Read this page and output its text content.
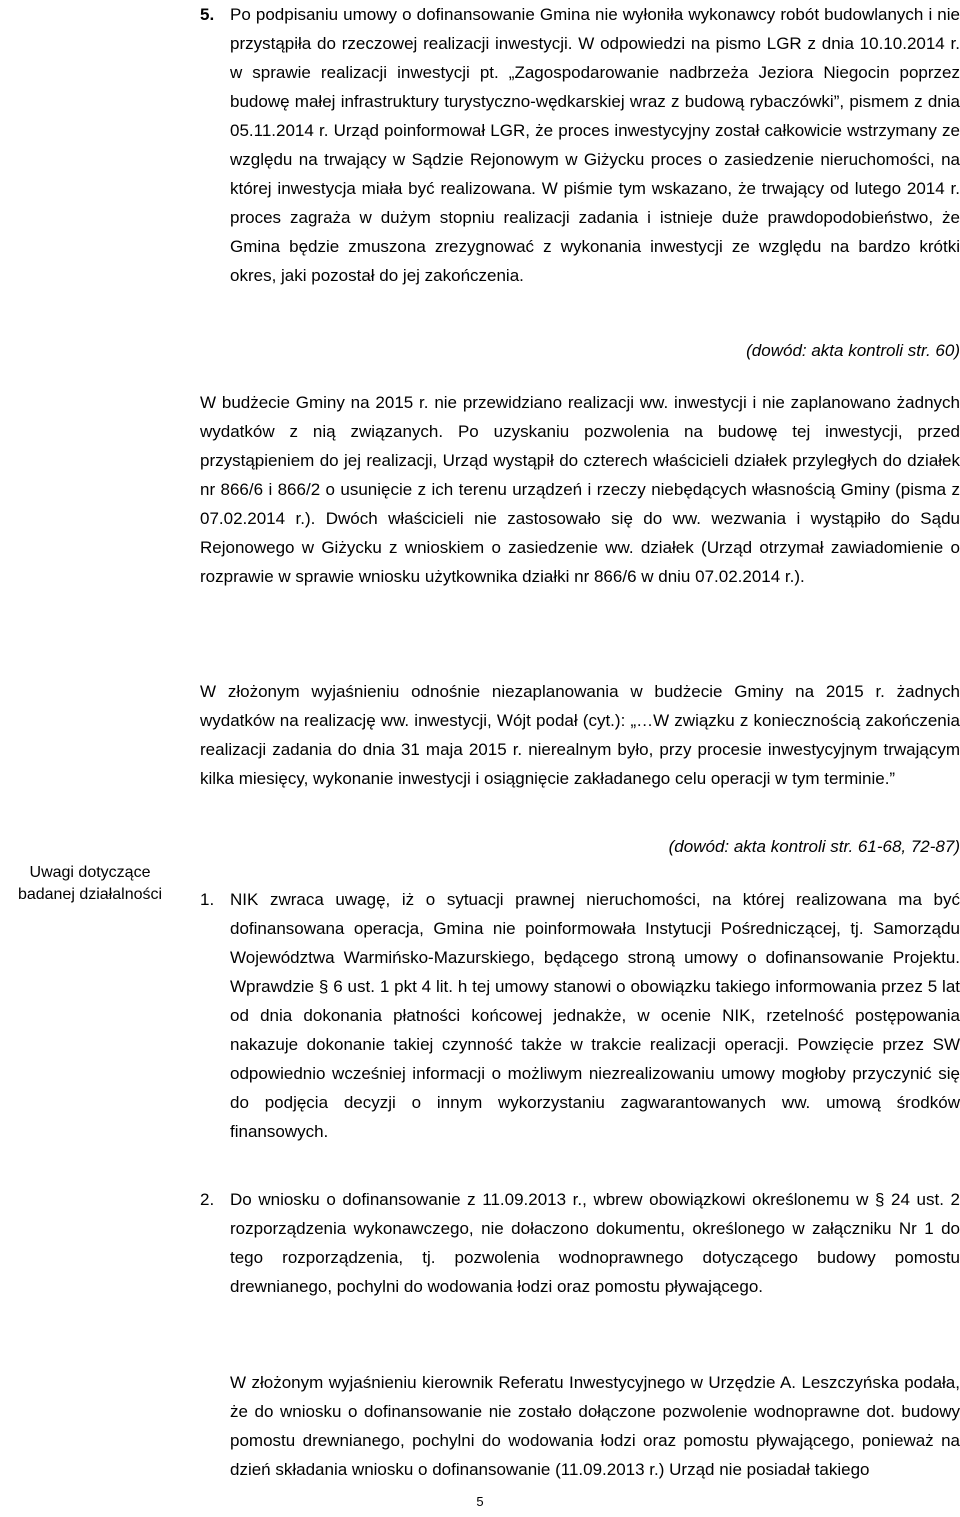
5. Po podpisaniu umowy o dofinansowanie Gmina nie wyłoniła wykonawcy robót budowlanych i nie przystąpiła do rzeczowej realizacji inwestycji. W odpowiedzi na pismo LGR z dnia 10.10.2014 r. w sprawie realizacji inwestycji pt. „Zagospodarowanie nadbrzeża Jeziora Niegocin poprzez budowę małej infrastruktury turystyczno-wędkarskiej wraz z budową rybaczówki”, pismem z dnia 05.11.2014 r. Urząd poinformował LGR, że proces inwestycyjny został całkowicie wstrzymany ze względu na trwający w Sądzie Rejonowym w Giżycku proces o zasiedzenie nieruchomości, na której inwestycja miała być realizowana. W piśmie tym wskazano, że trwający od lutego 2014 r. proces zagraża w dużym stopniu realizacji zadania i istnieje duże prawdopodobieństwo, że Gmina będzie zmuszona zrezygnować z wykonania inwestycji ze względu na bardzo krótki okres, jaki pozostał do jej zakończenia.
(dowód: akta kontroli str. 60)
W budżecie Gminy na 2015 r. nie przewidziano realizacji ww. inwestycji i nie zaplanowano żadnych wydatków z nią związanych. Po uzyskaniu pozwolenia na budowę tej inwestycji, przed przystąpieniem do jej realizacji, Urząd wystąpił do czterech właścicieli działek przyległych do działek nr 866/6 i 866/2 o usunięcie z ich terenu urządzeń i rzeczy niebędących własnością Gminy (pisma z 07.02.2014 r.). Dwóch właścicieli nie zastosowało się do ww. wezwania i wystąpiło do Sądu Rejonowego w Giżycku z wnioskiem o zasiedzenie ww. działek (Urząd otrzymał zawiadomienie o rozprawie w sprawie wniosku użytkownika działki nr 866/6 w dniu 07.02.2014 r.).
W złożonym wyjaśnieniu odnośnie niezaplanowania w budżecie Gminy na 2015 r. żadnych wydatków na realizację ww. inwestycji, Wójt podał (cyt.): „…W związku z koniecznością zakończenia realizacji zadania do dnia 31 maja 2015 r. nierealnym było, przy procesie inwestycyjnym trwającym kilka miesięcy, wykonanie inwestycji i osiągnięcie zakładanego celu operacji w tym terminie.”
(dowód: akta kontroli str. 61-68, 72-87)
Uwagi dotyczące badanej działalności	1. NIK zwraca uwagę, iż o sytuacji prawnej nieruchomości, na której realizowana ma być dofinansowana operacja, Gmina nie poinformowała Instytucji Pośredniczącej, tj. Samorządu Województwa Warmińsko-Mazurskiego, będącego stroną umowy o dofinansowanie Projektu. Wprawdzie § 6 ust. 1 pkt 4 lit. h tej umowy stanowi o obowiązku takiego informowania przez 5 lat od dnia dokonania płatności końcowej jednakże, w ocenie NIK, rzetelność postępowania nakazuje dokonanie takiej czynność także w trakcie realizacji operacji. Powzięcie przez SW odpowiednio wcześniej informacji o możliwym niezrealizowaniu umowy mogłoby przyczynić się do podjęcia decyzji o innym wykorzystaniu zagwarantowanych ww. umową środków finansowych.
2. Do wniosku o dofinansowanie z 11.09.2013 r., wbrew obowiązkowi określonemu w § 24 ust. 2 rozporządzenia wykonawczego, nie dołaczono dokumentu, określonego w załączniku Nr 1 do tego rozporządzenia, tj. pozwolenia wodnoprawnego dotyczącego budowy pomostu drewnianego, pochylni do wodowania łodzi oraz pomostu pływającego.
W złożonym wyjaśnieniu kierownik Referatu Inwestycyjnego w Urzędzie A. Leszczyńska podała, że do wniosku o dofinansowanie nie zostało dołączone pozwolenie wodnoprawne dot. budowy pomostu drewnianego, pochylni do wodowania łodzi oraz pomostu pływającego, ponieważ na dzień składania wniosku o dofinansowanie (11.09.2013 r.) Urząd nie posiadał takiego
5
